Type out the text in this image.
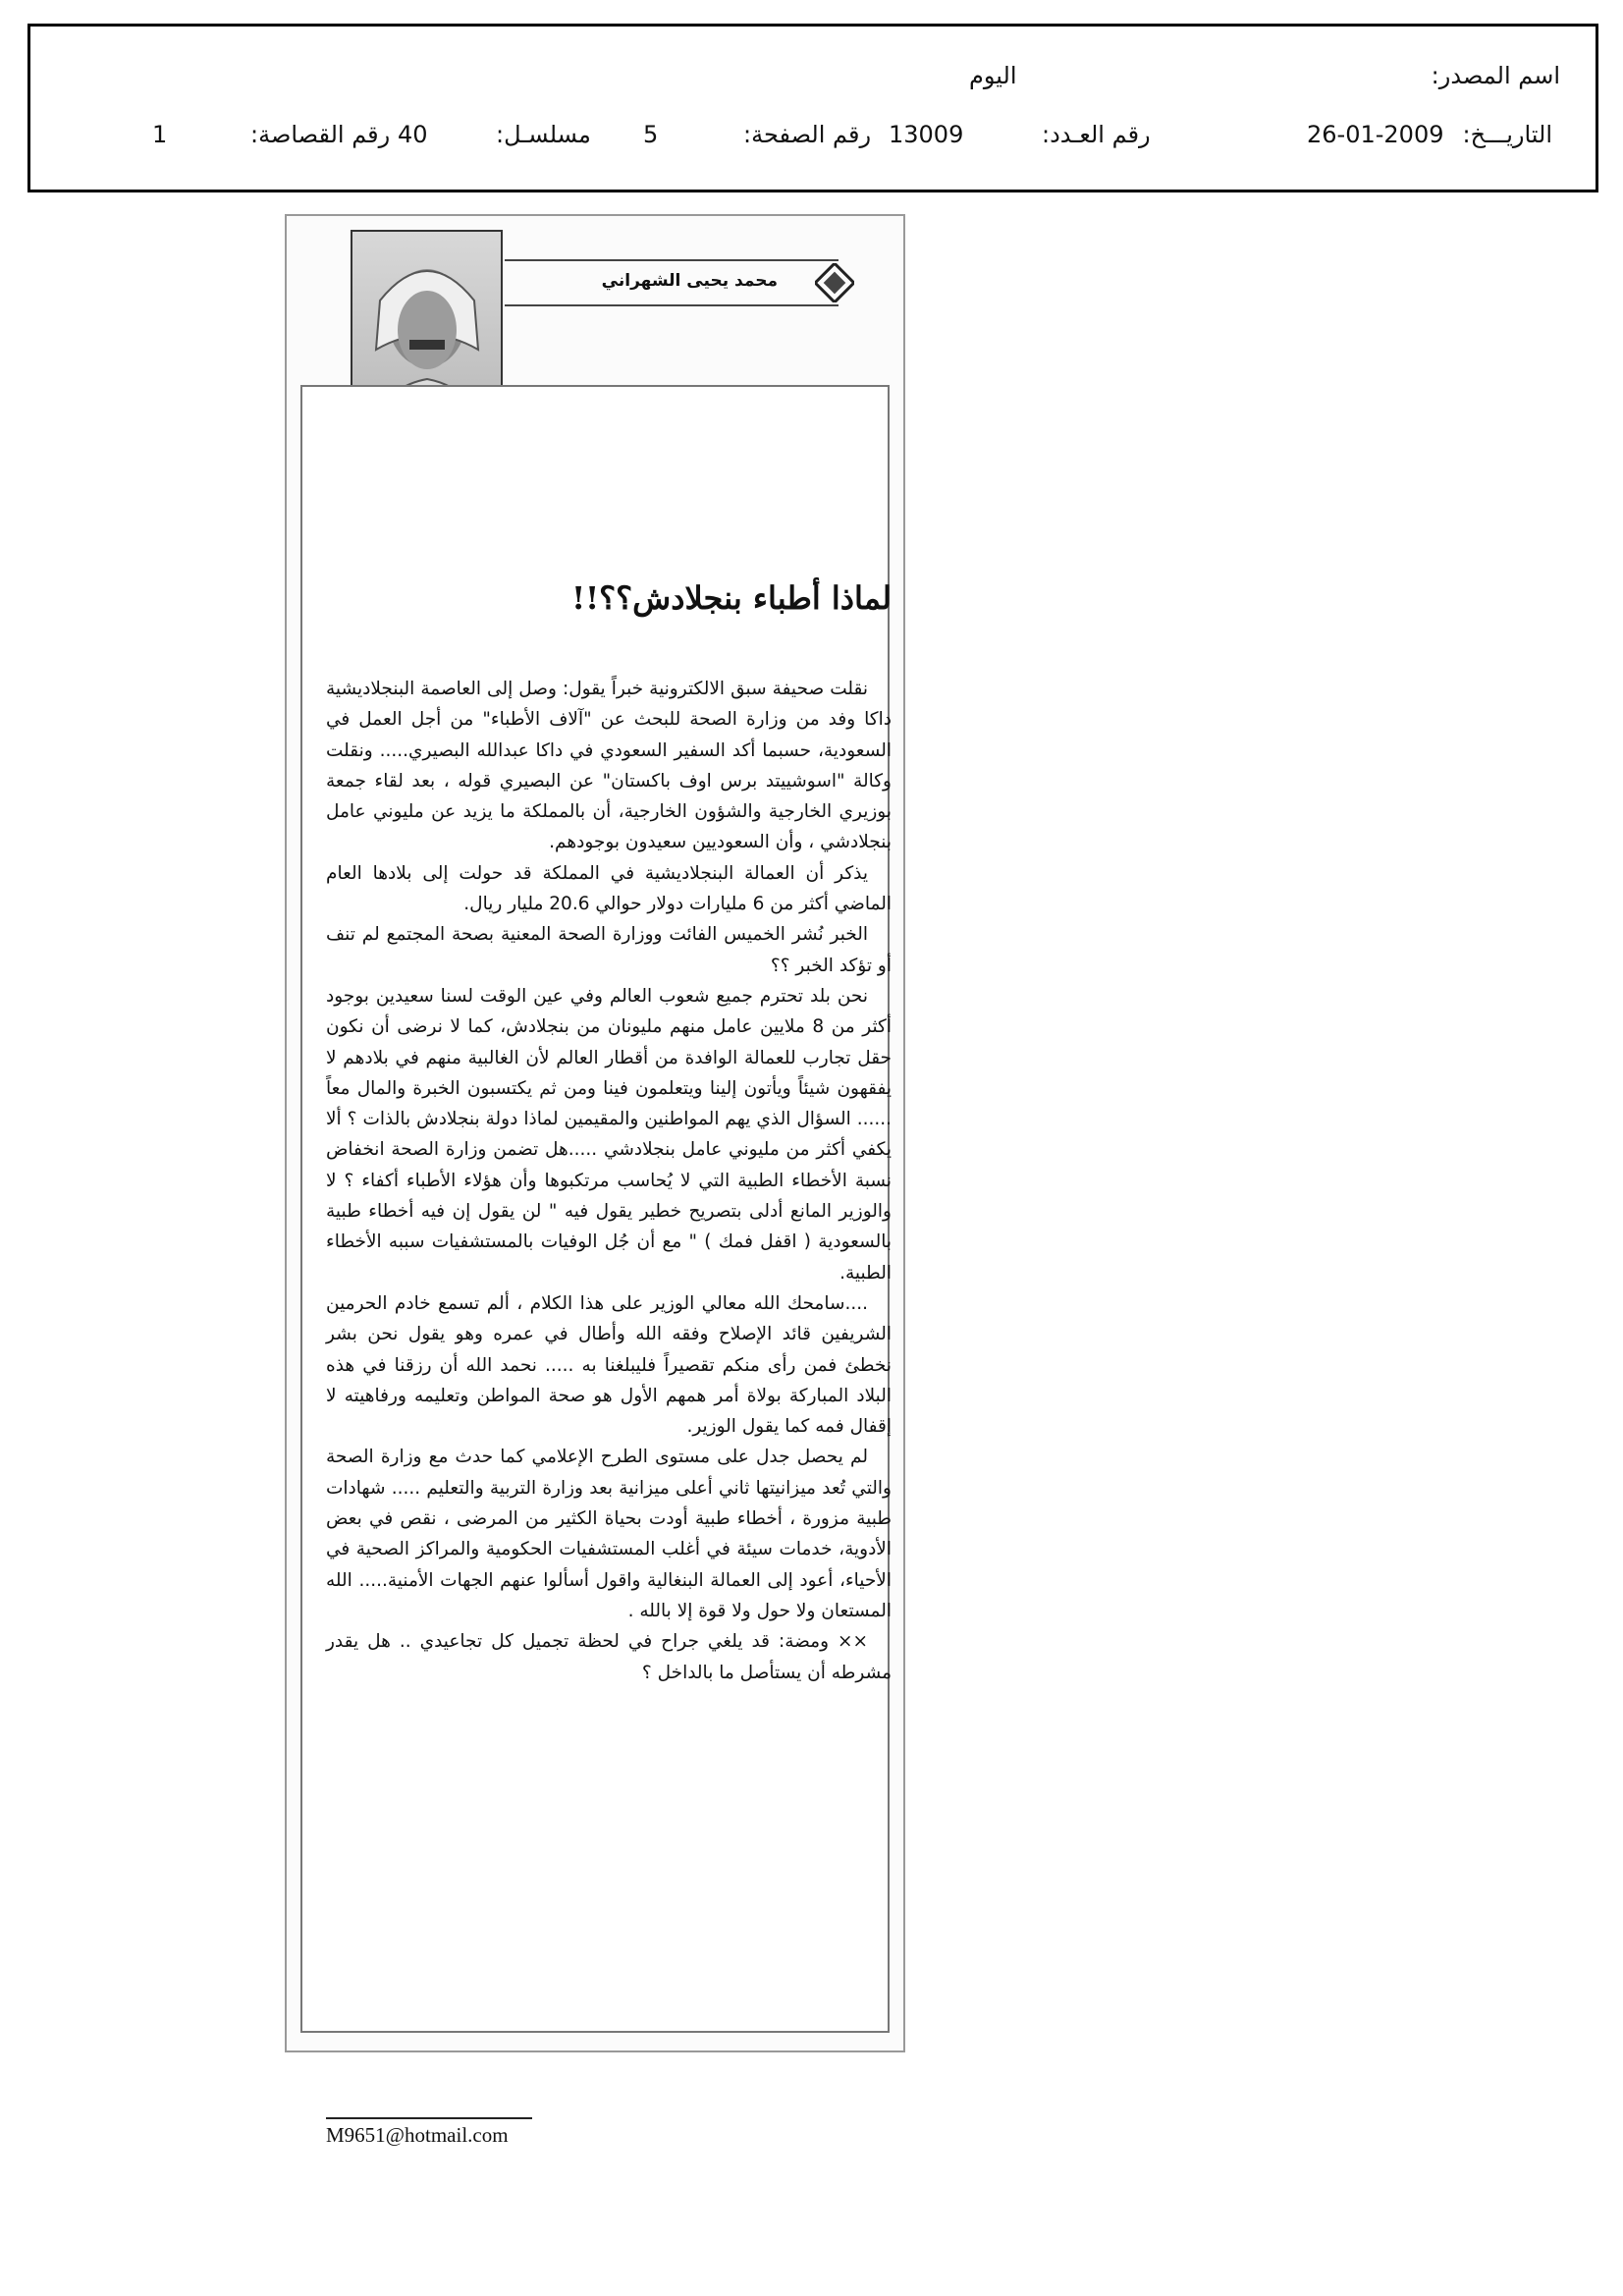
اسم المصدر:
اليوم
التاريـــخ:
26-01-2009
رقم العـدد:
13009
رقم الصفحة:
5
مسلسـل:
40
رقم القصاصة:
1
محمد يحيى الشهراني
لماذا أطباء بنجلادش؟؟!!

نقلت صحيفة سبق الالكترونية خبراً يقول: وصل إلى العاصمة البنجلاديشية داكا وفد من وزارة الصحة للبحث عن "آلاف الأطباء" من أجل العمل في السعودية، حسبما أكد السفير السعودي في داكا عبدالله البصيري..... ونقلت وكالة "اسوشييتد برس اوف باكستان" عن البصيري قوله ، بعد لقاء جمعة بوزيري الخارجية والشؤون الخارجية، أن بالمملكة ما يزيد عن مليوني عامل بنجلادشي ، وأن السعوديين سعيدون بوجودهم.

يذكر أن العمالة البنجلاديشية في المملكة قد حولت إلى بلادها العام الماضي أكثر من 6 مليارات دولار حوالي 20.6 مليار ريال.

الخبر نُشر الخميس الفائت ووزارة الصحة المعنية بصحة المجتمع لم تنف أو تؤكد الخبر ؟؟

نحن بلد تحترم جميع شعوب العالم وفي عين الوقت لسنا سعيدين بوجود أكثر من 8 ملايين عامل منهم مليونان من بنجلادش، كما لا نرضى أن نكون حقل تجارب للعمالة الوافدة من أقطار العالم لأن الغالبية منهم في بلادهم لا يفقهون شيئاً ويأتون إلينا ويتعلمون فينا ومن ثم يكتسبون الخبرة والمال معاً ...... السؤال الذي يهم المواطنين والمقيمين لماذا دولة بنجلادش بالذات ؟ ألا يكفي أكثر من مليوني عامل بنجلادشي .....هل تضمن وزارة الصحة انخفاض نسبة الأخطاء الطبية التي لا يُحاسب مرتكبوها وأن هؤلاء الأطباء أكفاء ؟ لا والوزير المانع أدلى بتصريح خطير يقول فيه " لن يقول إن فيه أخطاء طبية بالسعودية ( اقفل فمك ) " مع أن جُل الوفيات بالمستشفيات سببه الأخطاء الطبية.

....سامحك الله معالي الوزير على هذا الكلام ، ألم تسمع خادم الحرمين الشريفين قائد الإصلاح وفقه الله وأطال في عمره وهو يقول نحن بشر نخطئ فمن رأى منكم تقصيراً فليبلغنا به ..... نحمد الله أن رزقنا في هذه البلاد المباركة بولاة أمر همهم الأول هو صحة المواطن وتعليمه ورفاهيته لا إقفال فمه كما يقول الوزير.

لم يحصل جدل على مستوى الطرح الإعلامي كما حدث مع وزارة الصحة والتي تُعد ميزانيتها ثاني أعلى ميزانية بعد وزارة التربية والتعليم ..... شهادات طبية مزورة ، أخطاء طبية أودت بحياة الكثير من المرضى ، نقص في بعض الأدوية، خدمات سيئة في أغلب المستشفيات الحكومية والمراكز الصحية في الأحياء، أعود إلى العمالة البنغالية واقول أسألوا عنهم الجهات الأمنية..... الله المستعان ولا حول ولا قوة إلا بالله .

×× ومضة: قد يلغي جراح في لحظة تجميل كل تجاعيدي .. هل يقدر مشرطه أن يستأصل ما بالداخل ؟

M9651@hotmail.com
